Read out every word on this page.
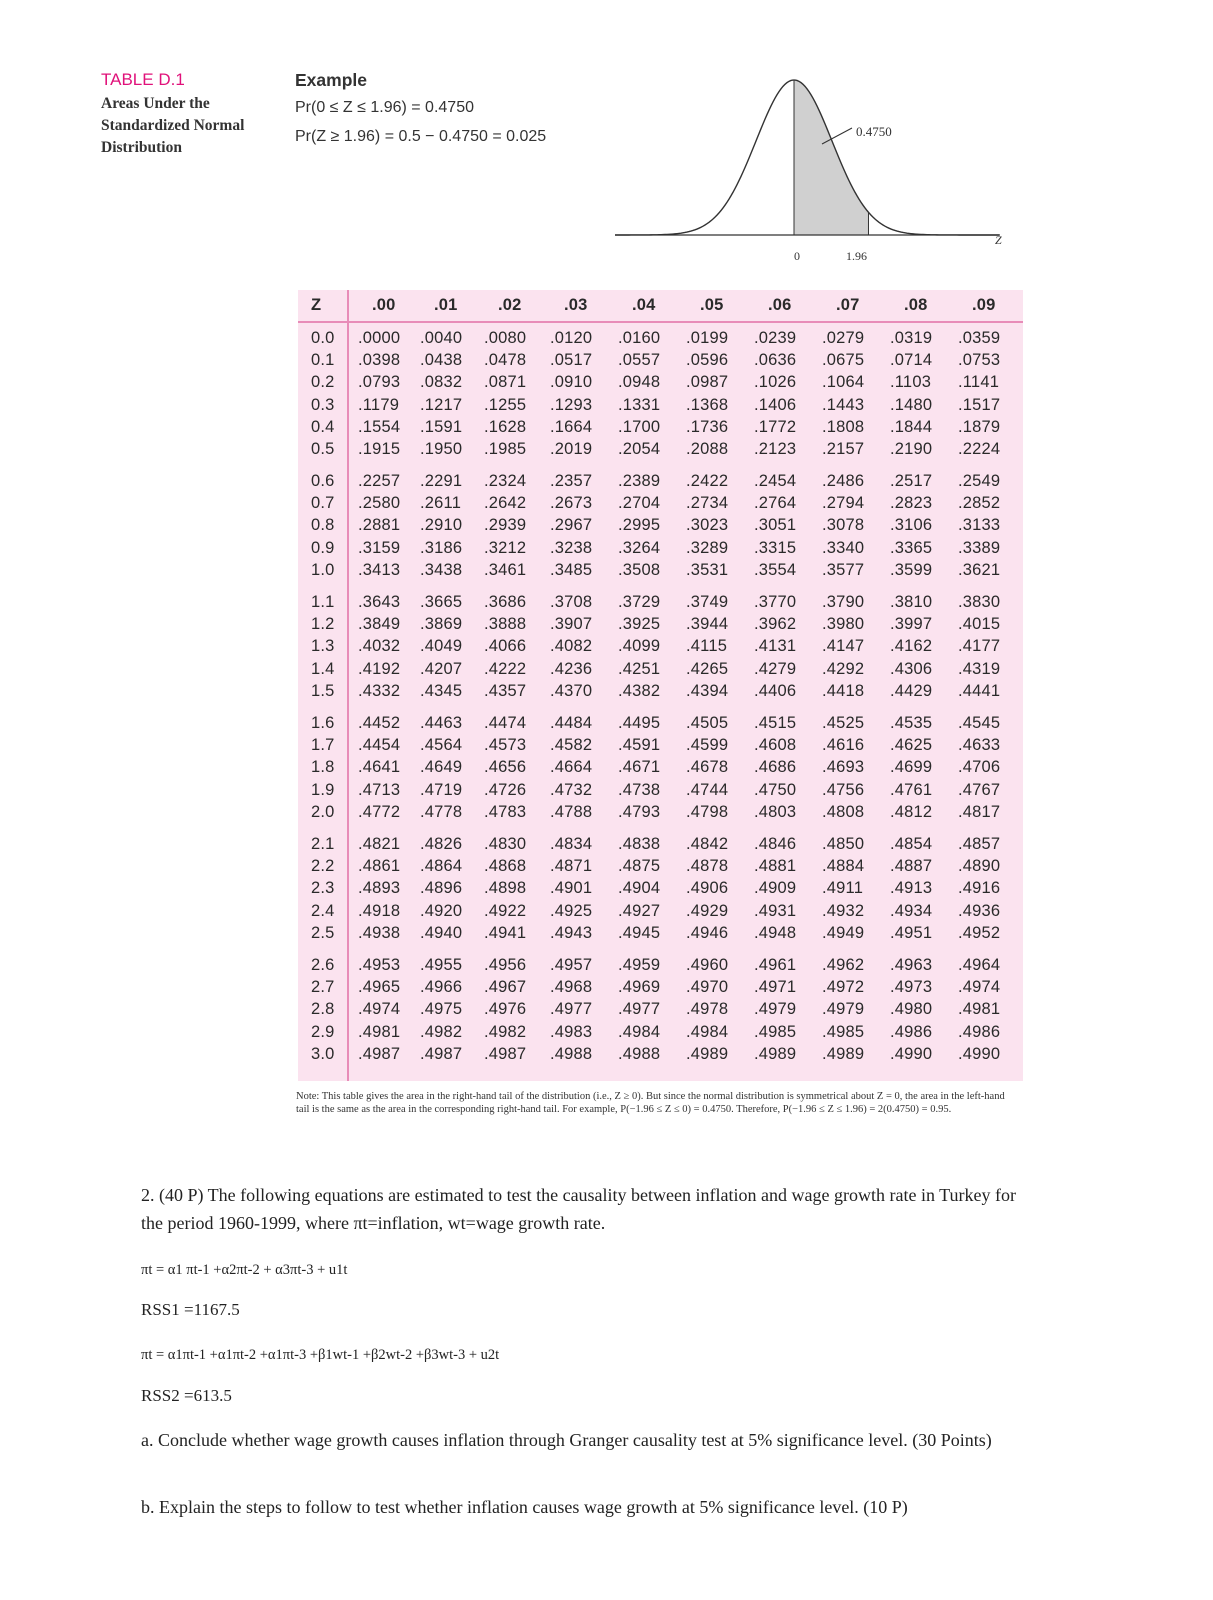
TABLE D.1
Areas Under the
Standardized Normal
Distribution
Example
Pr(0 ≤ Z ≤ 1.96) = 0.4750
Pr(Z ≥ 1.96) = 0.5 − 0.4750 = 0.025	0.4750
0	1.96
Z
Z	.00 .01 .02	.03	.04	.05	.06	.07	.08	.09
0.0 .0000 .0040 .0080 .0120 .0160 .0199 .0239 .0279 .0319 .0359
0.1 .0398 .0438 .0478 .0517 .0557 .0596 .0636 .0675 .0714 .0753
0.2 .0793 .0832 .0871 .0910 .0948 .0987 .1026 .1064 .1103 .1141
0.3 .1179 .1217 .1255 .1293 .1331 .1368 .1406 .1443 .1480 .1517
0.4 .1554 .1591 .1628 .1664 .1700 .1736 .1772 .1808 .1844 .1879
0.5 .1915 .1950 .1985 .2019 .2054 .2088 .2123 .2157 .2190 .2224
0.6 .2257 .2291 .2324 .2357 .2389 .2422 .2454 .2486 .2517 .2549
0.7 .2580 .2611 .2642 .2673 .2704 .2734 .2764 .2794 .2823 .2852
0.8 .2881 .2910 .2939 .2967 .2995 .3023 .3051 .3078 .3106 .3133
0.9 .3159 .3186 .3212 .3238 .3264 .3289 .3315 .3340 .3365 .3389
1.0 .3413 .3438 .3461 .3485 .3508 .3531 .3554 .3577 .3599 .3621
1.1 .3643 .3665 .3686 .3708 .3729 .3749 .3770 .3790 .3810 .3830
1.2 .3849 .3869 .3888 .3907 .3925 .3944 .3962 .3980 .3997 .4015
1.3 .4032 .4049 .4066 .4082 .4099 .4115 .4131 .4147 .4162 .4177
1.4 .4192 .4207 .4222 .4236 .4251 .4265 .4279 .4292 .4306 .4319
1.5 .4332 .4345 .4357 .4370 .4382 .4394 .4406 .4418 .4429 .4441
1.6 .4452 .4463 .4474 .4484 .4495 .4505 .4515 .4525 .4535 .4545
1.7 .4454 .4564 .4573 .4582 .4591 .4599 .4608 .4616 .4625 .4633
1.8 .4641 .4649 .4656 .4664 .4671 .4678 .4686 .4693 .4699 .4706
1.9 .4713 .4719 .4726 .4732 .4738 .4744 .4750 .4756 .4761 .4767
2.0 .4772 .4778 .4783 .4788 .4793 .4798 .4803 .4808 .4812 .4817
2.1 .4821 .4826 .4830 .4834 .4838 .4842 .4846 .4850 .4854 .4857
2.2 .4861 .4864 .4868 .4871 .4875 .4878 .4881 .4884 .4887 .4890
2.3 .4893 .4896 .4898 .4901 .4904 .4906 .4909 .4911 .4913 .4916
2.4 .4918 .4920 .4922 .4925 .4927 .4929 .4931 .4932 .4934 .4936
2.5 .4938 .4940 .4941 .4943 .4945 .4946 .4948 .4949 .4951 .4952
2.6 .4953 .4955 .4956 .4957 .4959 .4960 .4961 .4962 .4963 .4964
2.7 .4965 .4966 .4967 .4968 .4969 .4970 .4971 .4972 .4973 .4974
2.8 .4974 .4975 .4976 .4977 .4977 .4978 .4979 .4979 .4980 .4981
2.9 .4981 .4982 .4982 .4983 .4984 .4984 .4985 .4985 .4986 .4986
3.0 .4987 .4987 .4987 .4988 .4988 .4989 .4989 .4989 .4990 .4990
Note: This table gives the area in the right-hand tail of the distribution (i.e., Z ≥ 0). But since the normal distribution is symmetrical about Z = 0, the area in the left-hand tail is the same as the area in the corresponding right-hand tail. For example, P(−1.96 ≤ Z ≤ 0) = 0.4750. Therefore, P(−1.96 ≤ Z ≤ 1.96) = 2(0.4750) = 0.95.
2. (40 P) The following equations are estimated to test the causality between inflation and wage growth rate in Turkey for the period 1960-1999, where πt=inflation, wt=wage growth rate.
πt = α1 πt-1 +α2πt-2 + α3πt-3 + u1t
RSS1 =1167.5
πt = α1πt-1 +α1πt-2 +α1πt-3 +β1wt-1 +β2wt-2 +β3wt-3 + u2t
RSS2 =613.5
a. Conclude whether wage growth causes inflation through Granger causality test at 5% significance level. (30 Points)
b. Explain the steps to follow to test whether inflation causes wage growth at 5% significance level. (10 P)
